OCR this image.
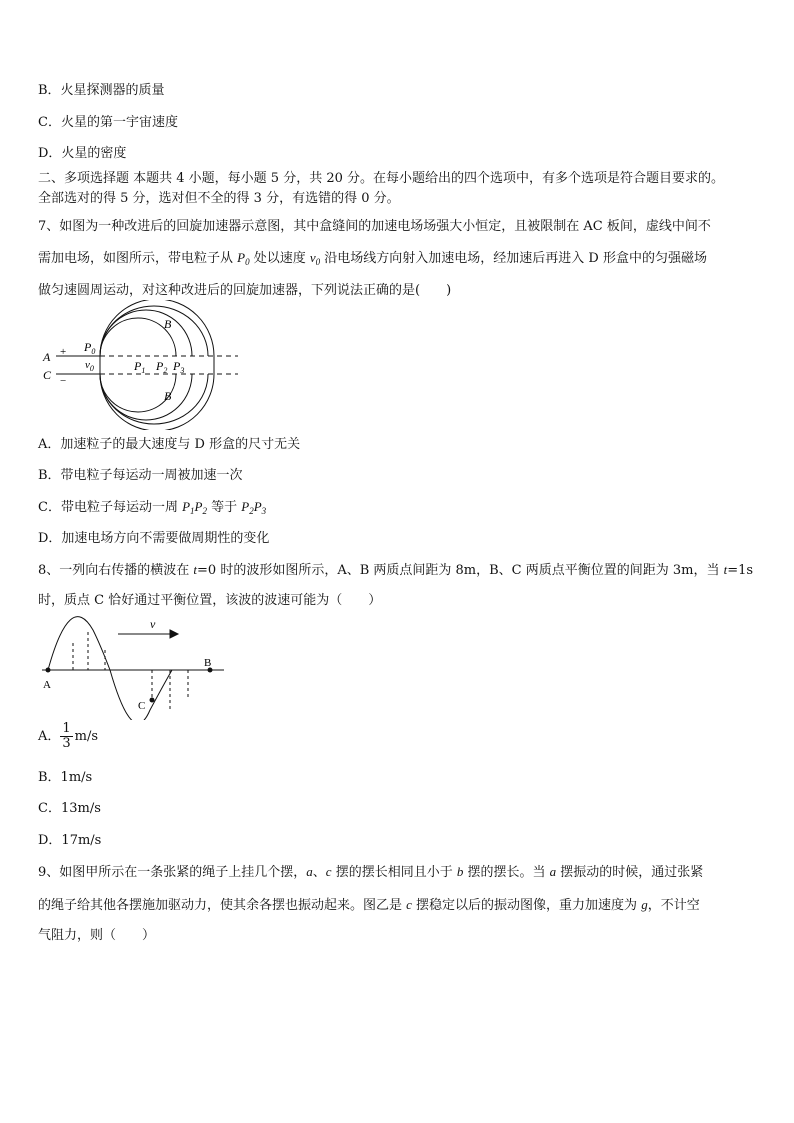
B．火星探测器的质量
C．火星的第一宇宙速度
D．火星的密度
二、多项选择题 本题共 4 小题，每小题 5 分，共 20 分。在每小题给出的四个选项中，有多个选项是符合题目要求的。
全部选对的得 5 分，选对但不全的得 3 分，有选错的得 0 分。
7、如图为一种改进后的回旋加速器示意图，其中盒缝间的加速电场场强大小恒定，且被限制在 AC 板间，虚线中间不
需加电场，如图所示，带电粒子从 $P_0$ 处以速度 $v_0$ 沿电场线方向射入加速电场，经加速后再进入 D 形盒中的匀强磁场
做匀速圆周运动，对这种改进后的回旋加速器，下列说法正确的是(　　)
A
C
+
−
$P_0$
$v_0$	$P_1$ $P_2$ $P_3$
B
B
A．加速粒子的最大速度与 D 形盒的尺寸无关
B．带电粒子每运动一周被加速一次
C．带电粒子每运动一周 $P_1P_2$ 等于 $P_2P_3$
D．加速电场方向不需要做周期性的变化
8、一列向右传播的横波在 t=0 时的波形如图所示，A、B 两质点间距为 8m，B、C 两质点平衡位置的间距为 3m，当 t=1s
时，质点 C 恰好通过平衡位置，该波的波速可能为（　　）
v
A
B
C
A． $\frac{1}{3} m/s$
B．1m/s
C．13m/s
D．17m/s
9、如图甲所示在一条张紧的绳子上挂几个摆，a、c 摆的摆长相同且小于 b 摆的摆长。当 a 摆振动的时候，通过张紧
的绳子给其他各摆施加驱动力，使其余各摆也振动起来。图乙是 c 摆稳定以后的振动图像，重力加速度为 g，不计空
气阻力，则（　　）
